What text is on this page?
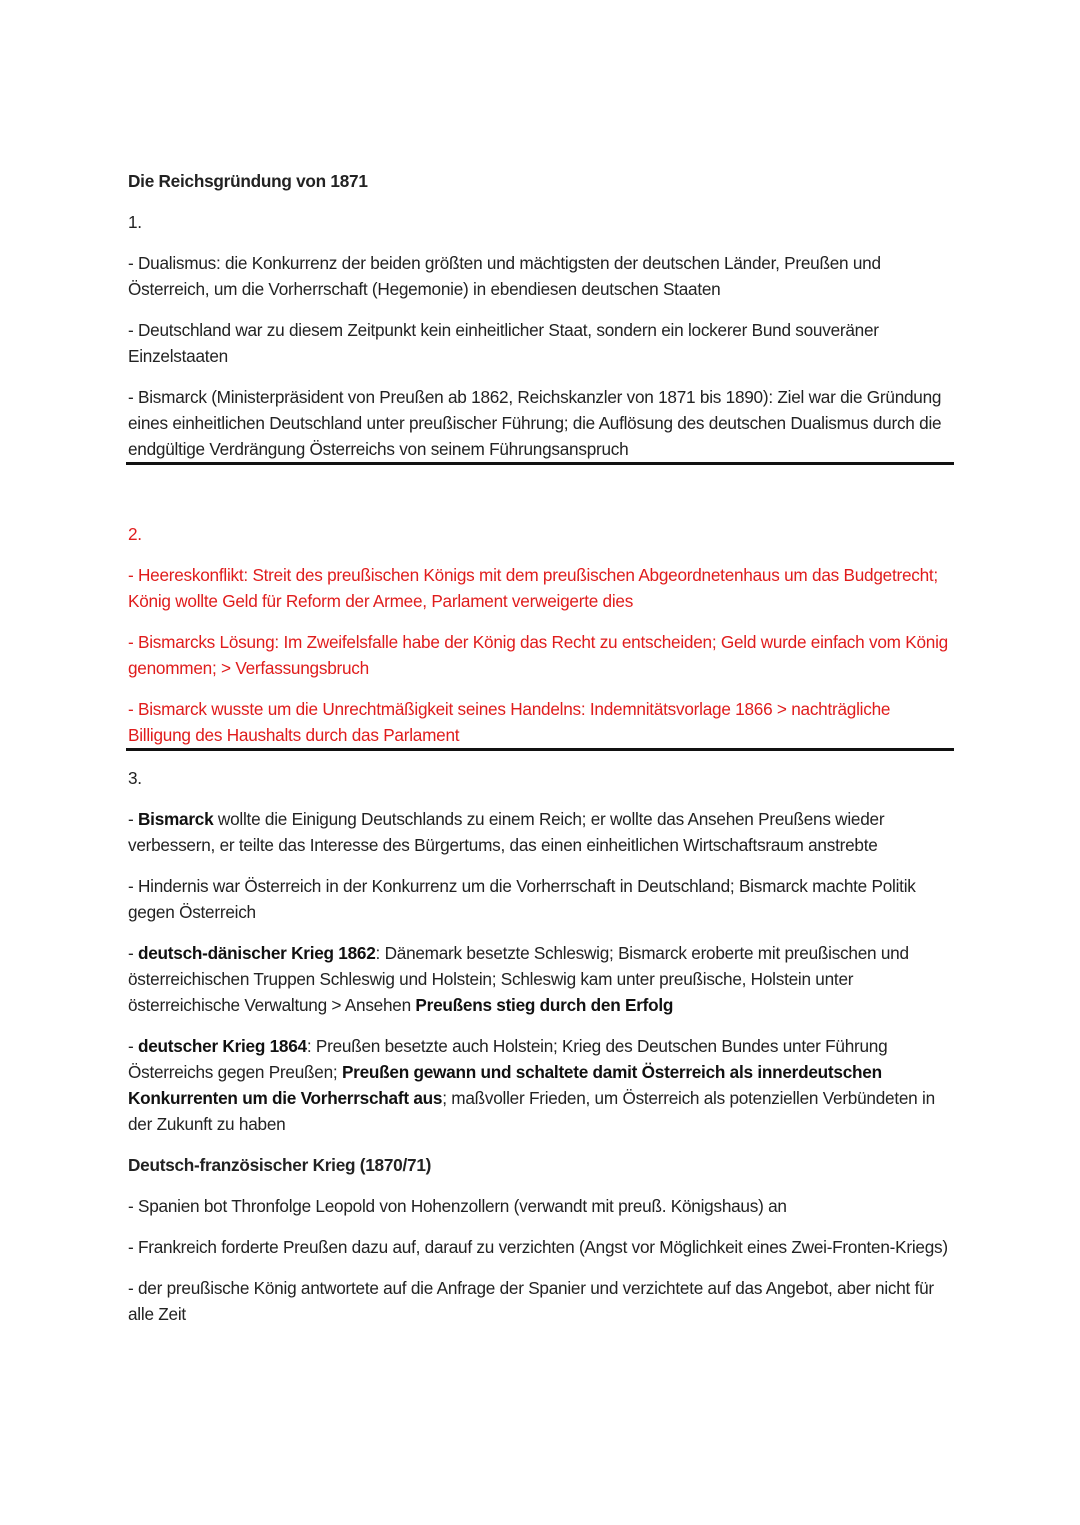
Die Reichsgründung von 1871
1.
- Dualismus: die Konkurrenz der beiden größten und mächtigsten der deutschen Länder, Preußen und Österreich, um die Vorherrschaft (Hegemonie) in ebendiesen deutschen Staaten
- Deutschland war zu diesem Zeitpunkt kein einheitlicher Staat, sondern ein lockerer Bund souveräner Einzelstaaten
- Bismarck (Ministerpräsident von Preußen ab 1862, Reichskanzler von 1871 bis 1890): Ziel war die Gründung eines einheitlichen Deutschland unter preußischer Führung; die Auflösung des deutschen Dualismus durch die endgültige Verdrängung Österreichs von seinem Führungsanspruch
2.
- Heereskonflikt: Streit des preußischen Königs mit dem preußischen Abgeordnetenhaus um das Budgetrecht; König wollte Geld für Reform der Armee, Parlament verweigerte dies
- Bismarcks Lösung: Im Zweifelsfalle habe der König das Recht zu entscheiden; Geld wurde einfach vom König genommen; > Verfassungsbruch
- Bismarck wusste um die Unrechtmäßigkeit seines Handelns: Indemnitätsvorlage 1866 > nachträgliche Billigung des Haushalts durch das Parlament
3.
- Bismarck wollte die Einigung Deutschlands zu einem Reich; er wollte das Ansehen Preußens wieder verbessern, er teilte das Interesse des Bürgertums, das einen einheitlichen Wirtschaftsraum anstrebte
- Hindernis war Österreich in der Konkurrenz um die Vorherrschaft in Deutschland; Bismarck machte Politik gegen Österreich
- deutsch-dänischer Krieg 1862: Dänemark besetzte Schleswig; Bismarck eroberte mit preußischen und österreichischen Truppen Schleswig und Holstein; Schleswig kam unter preußische, Holstein unter österreichische Verwaltung > Ansehen Preußens stieg durch den Erfolg
- deutscher Krieg 1864: Preußen besetzte auch Holstein; Krieg des Deutschen Bundes unter Führung Österreichs gegen Preußen; Preußen gewann und schaltete damit Österreich als innerdeutschen Konkurrenten um die Vorherrschaft aus; maßvoller Frieden, um Österreich als potenziellen Verbündeten in der Zukunft zu haben
Deutsch-französischer Krieg (1870/71)
- Spanien bot Thronfolge Leopold von Hohenzollern (verwandt mit preuß. Königshaus) an
- Frankreich forderte Preußen dazu auf, darauf zu verzichten (Angst vor Möglichkeit eines Zwei-Fronten-Kriegs)
- der preußische König antwortete auf die Anfrage der Spanier und verzichtete auf das Angebot, aber nicht für alle Zeit
